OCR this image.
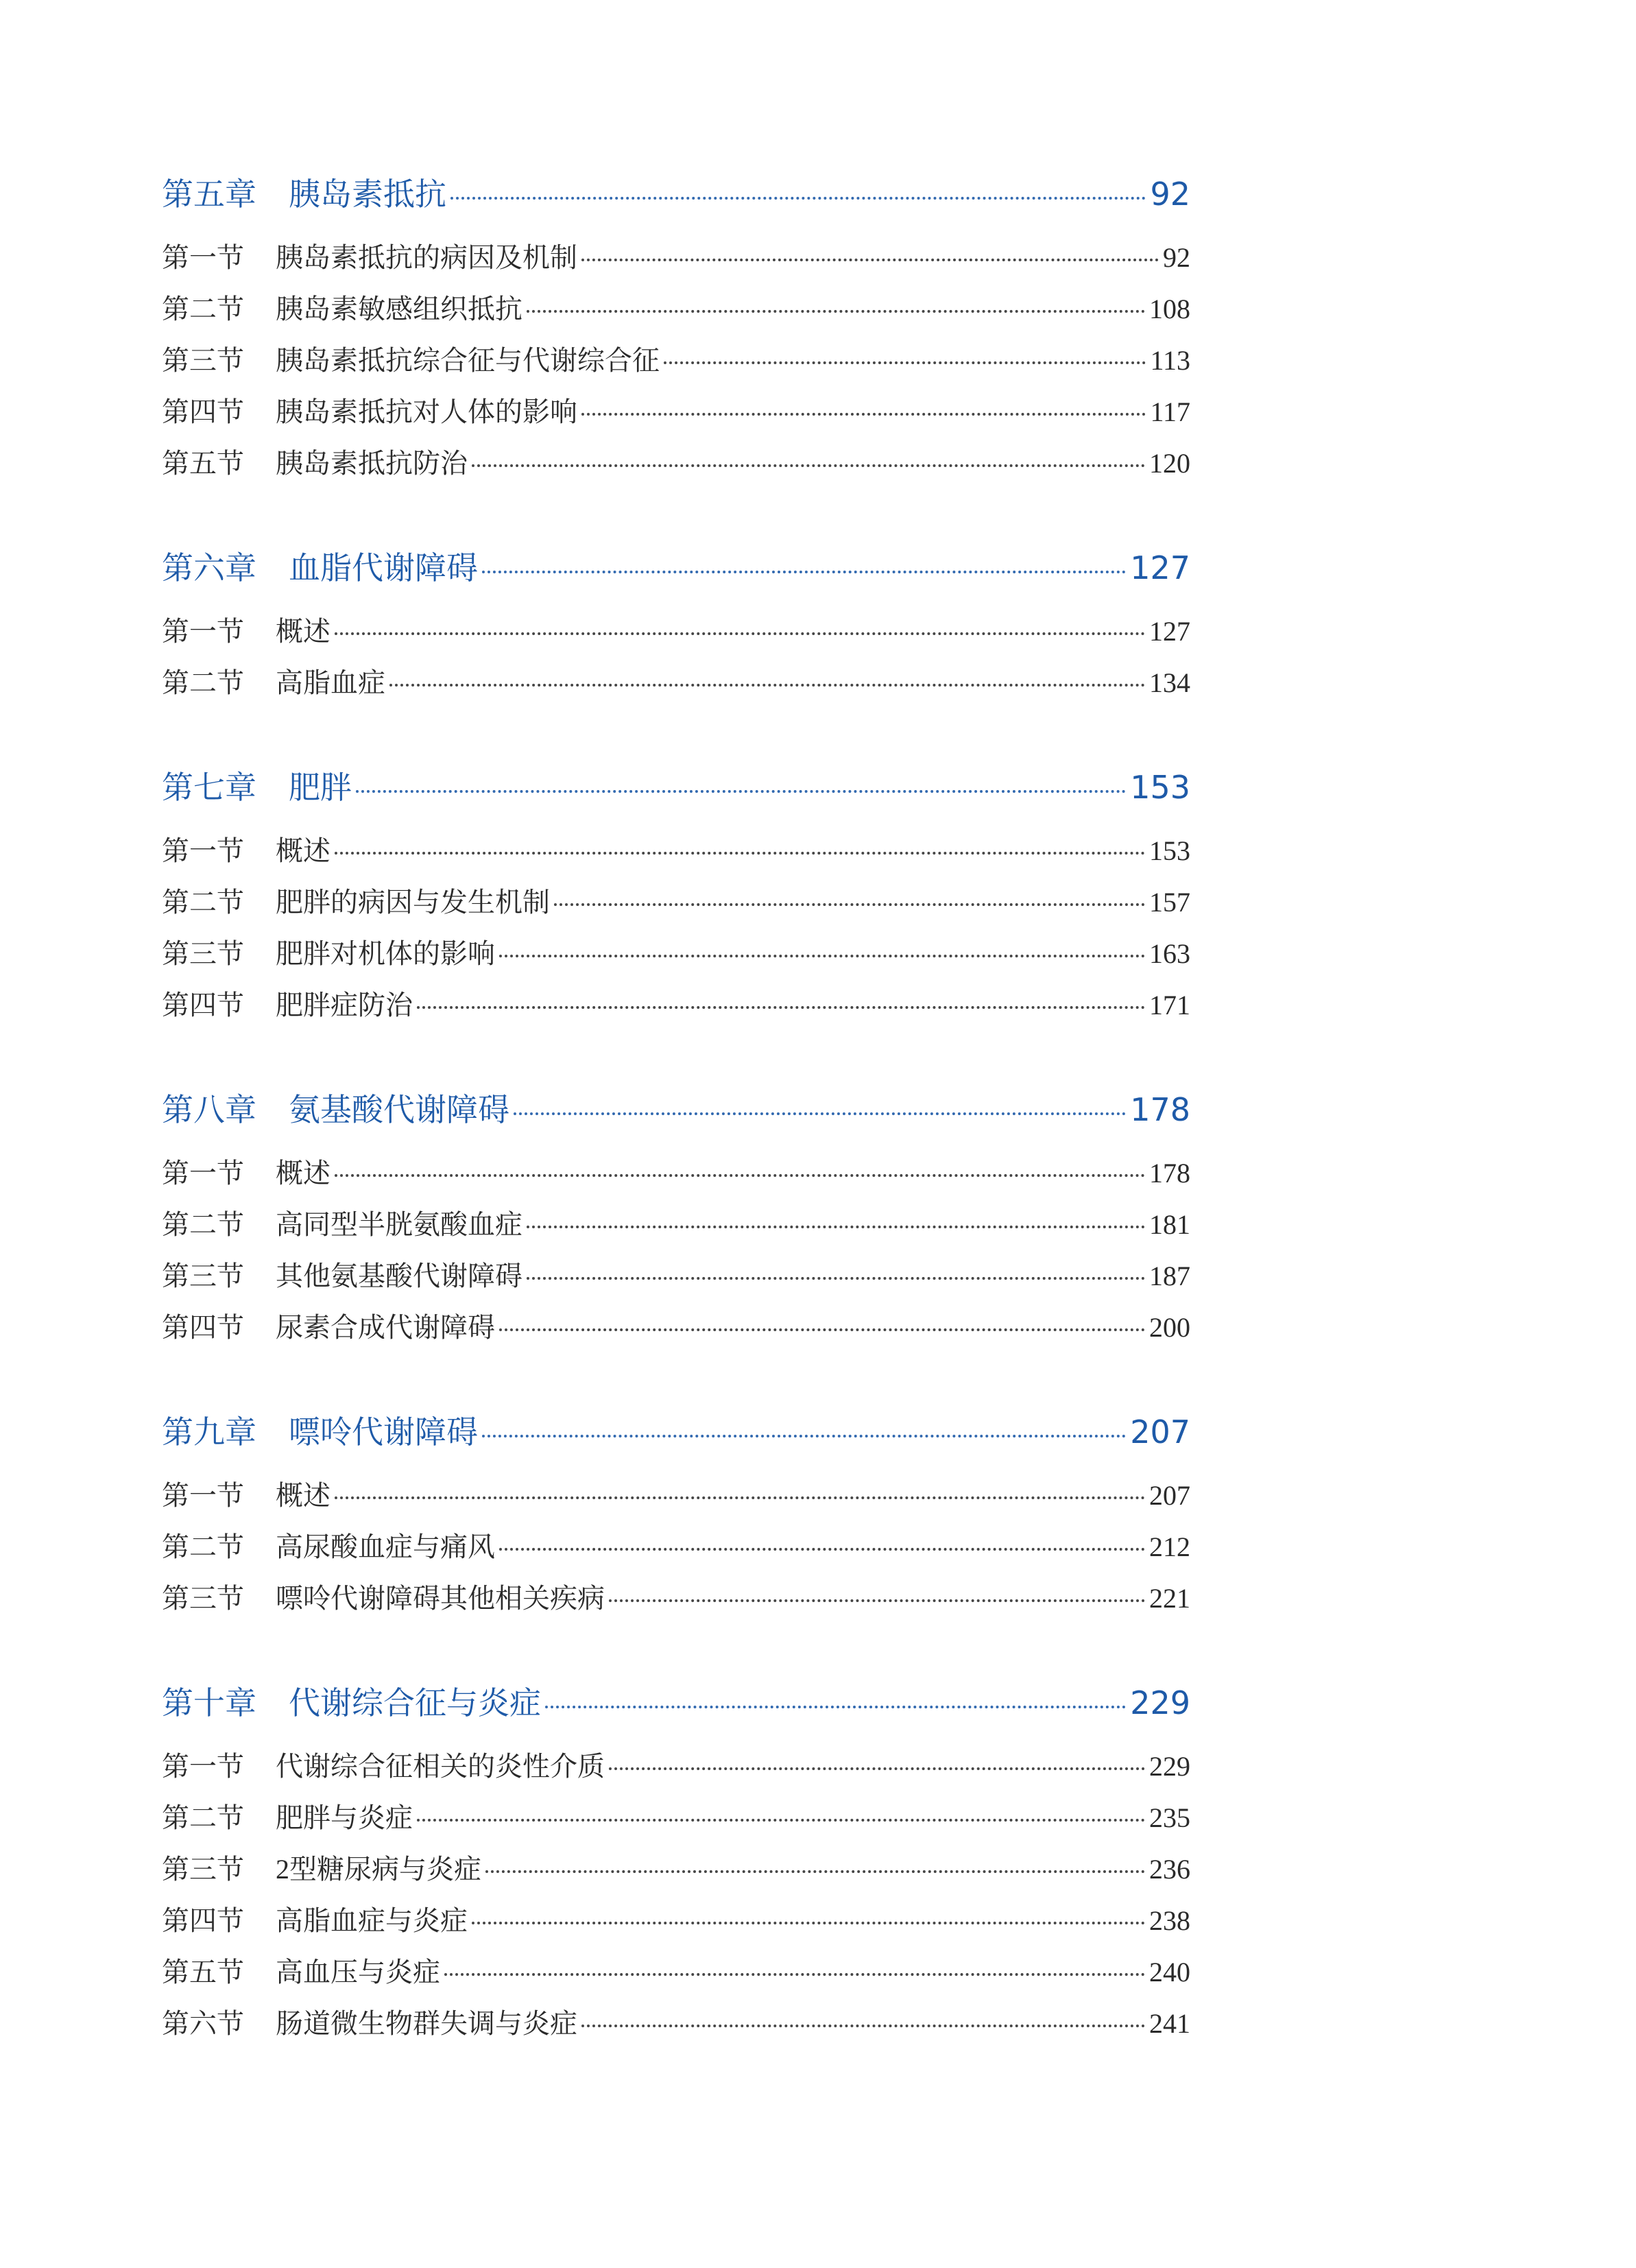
第五章	胰岛素抵抗	92
第一节	胰岛素抵抗的病因及机制	92
第二节	胰岛素敏感组织抵抗	108
第三节	胰岛素抵抗综合征与代谢综合征	113
第四节	胰岛素抵抗对人体的影响	117
第五节	胰岛素抵抗防治	120
第六章	血脂代谢障碍	127
第一节	概述	127
第二节	高脂血症	134
第七章	肥胖	153
第一节	概述	153
第二节	肥胖的病因与发生机制	157
第三节	肥胖对机体的影响	163
第四节	肥胖症防治	171
第八章	氨基酸代谢障碍	178
第一节	概述	178
第二节	高同型半胱氨酸血症	181
第三节	其他氨基酸代谢障碍	187
第四节	尿素合成代谢障碍	200
第九章	嘌呤代谢障碍	207
第一节	概述	207
第二节	高尿酸血症与痛风	212
第三节	嘌呤代谢障碍其他相关疾病	221
第十章	代谢综合征与炎症	229
第一节	代谢综合征相关的炎性介质	229
第二节	肥胖与炎症	235
第三节	2型糖尿病与炎症	236
第四节	高脂血症与炎症	238
第五节	高血压与炎症	240
第六节	肠道微生物群失调与炎症	241
